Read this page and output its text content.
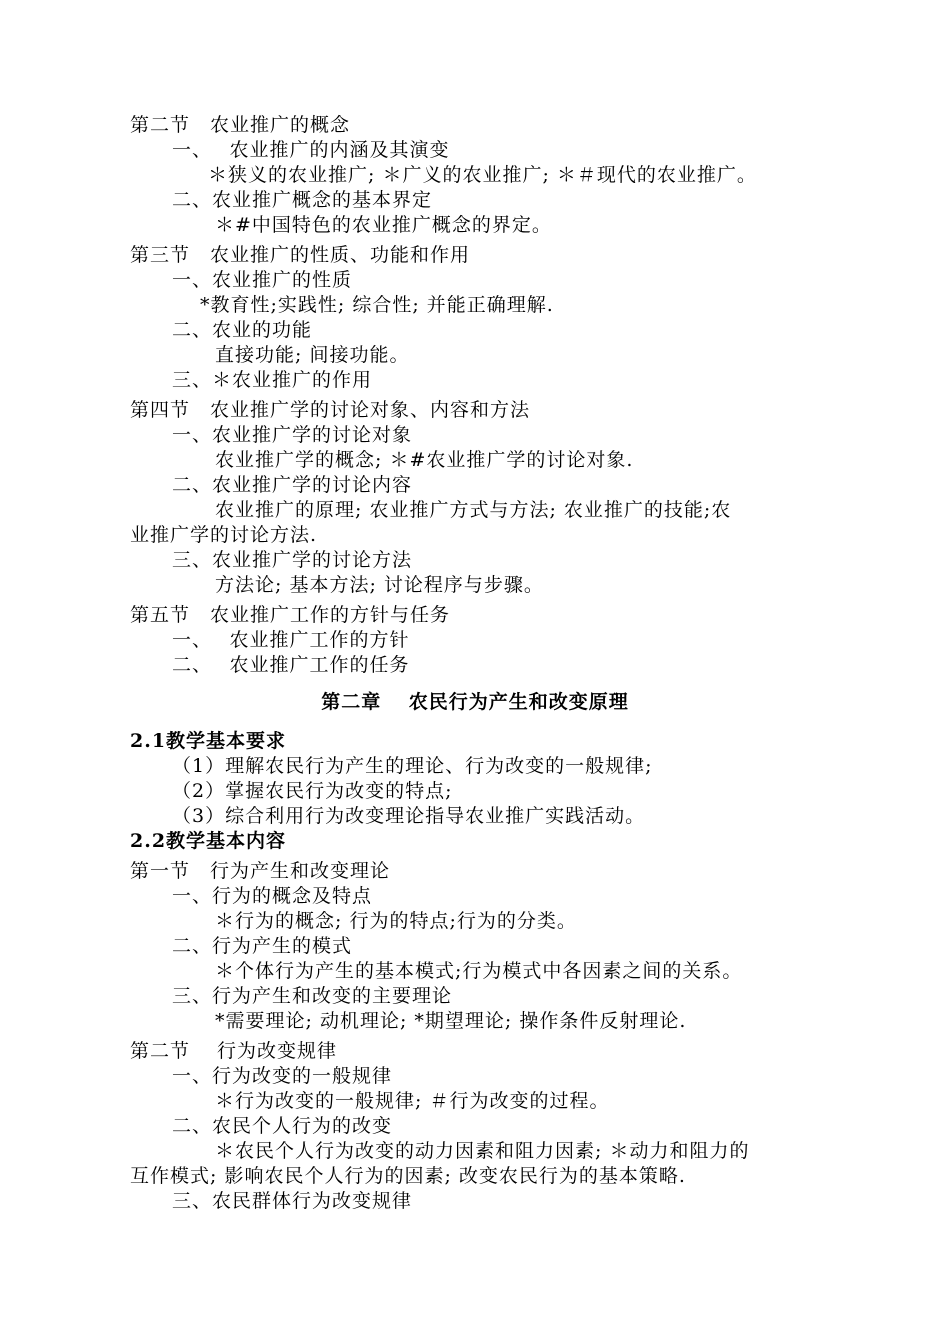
第二节　农业推广的概念
一、　 农业推广的内涵及其演变
＊狭义的农业推广; ＊广义的农业推广; ＊＃现代的农业推广。
二、农业推广概念的基本界定
＊#中国特色的农业推广概念的界定。
第三节　农业推广的性质、功能和作用
一、农业推广的性质
*教育性;实践性; 综合性; 并能正确理解.
二、农业的功能
直接功能; 间接功能。
三、＊农业推广的作用
第四节　农业推广学的讨论对象、内容和方法
一、农业推广学的讨论对象
农业推广学的概念; ＊#农业推广学的讨论对象.
二、农业推广学的讨论内容
农业推广的原理; 农业推广方式与方法; 农业推广的技能;农
业推广学的讨论方法.
三、农业推广学的讨论方法
方法论; 基本方法; 讨论程序与步骤。
第五节　农业推广工作的方针与任务
一、　 农业推广工作的方针
二、　 农业推广工作的任务
第二章　 农民行为产生和改变原理
2.1教学基本要求
（1）理解农民行为产生的理论、行为改变的一般规律;
（2）掌握农民行为改变的特点;
（3）综合利用行为改变理论指导农业推广实践活动。
2.2教学基本内容
第一节　行为产生和改变理论
一、行为的概念及特点
＊行为的概念; 行为的特点;行为的分类。
二、行为产生的模式
＊个体行为产生的基本模式;行为模式中各因素之间的关系。
三、行为产生和改变的主要理论
*需要理论; 动机理论; *期望理论; 操作条件反射理论.
第二节　 行为改变规律
一、行为改变的一般规律
＊行为改变的一般规律; ＃行为改变的过程。
二、农民个人行为的改变
＊农民个人行为改变的动力因素和阻力因素; ＊动力和阻力的
互作模式; 影响农民个人行为的因素; 改变农民行为的基本策略.
三、农民群体行为改变规律
